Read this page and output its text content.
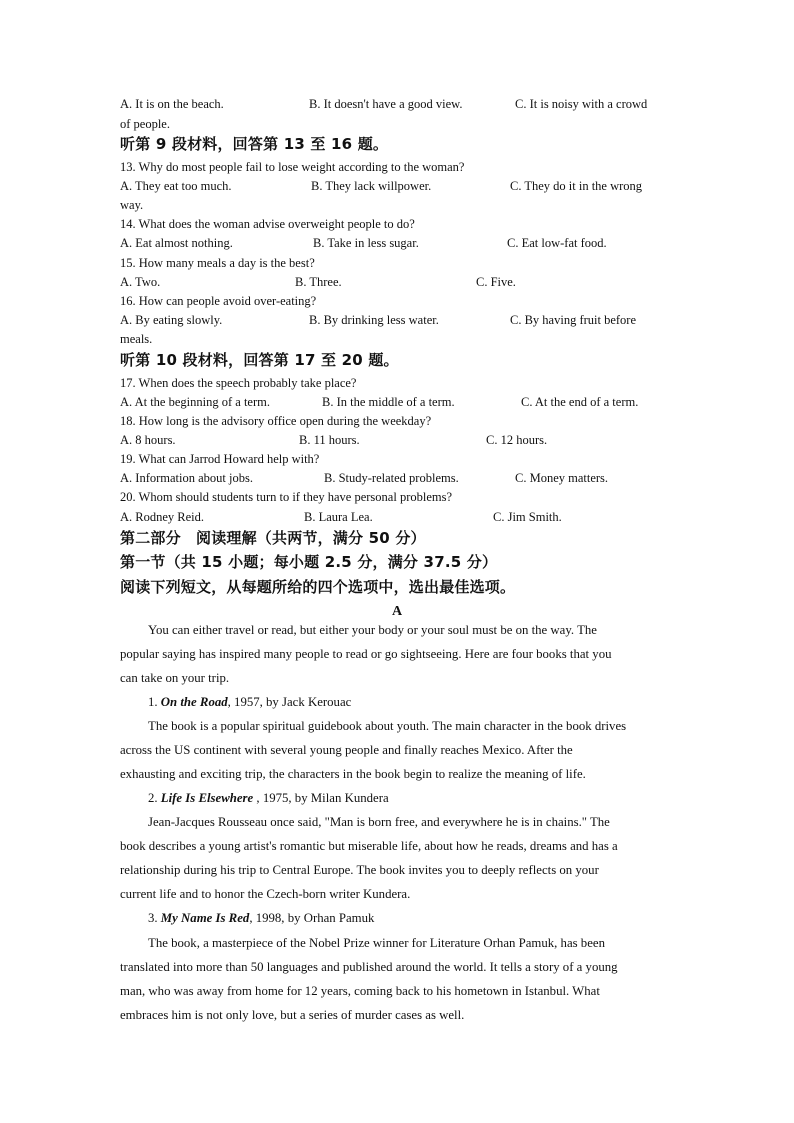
A. It is on the beach.	B. It doesn't have a good view.	C. It is noisy with a crowd
of people.
听第 9 段材料，回答第 13 至 16 题。
13. Why do most people fail to lose weight according to the woman?
A. They eat too much.	B. They lack willpower.	C. They do it in the wrong
way.
14. What does the woman advise overweight people to do?
A. Eat almost nothing.	B. Take in less sugar.	C. Eat low-fat food.
15. How many meals a day is the best?
A. Two.	B. Three.	C. Five.
16. How can people avoid over-eating?
A. By eating slowly.	B. By drinking less water.	C. By having fruit before
meals.
听第 10 段材料，回答第 17 至 20 题。
17. When does the speech probably take place?
A. At the beginning of a term.	B. In the middle of a term.	C. At the end of a term.
18. How long is the advisory office open during the weekday?
A. 8 hours.	B. 11 hours.	C. 12 hours.
19. What can Jarrod Howard help with?
A. Information about jobs.	B. Study-related problems.	C. Money matters.
20. Whom should students turn to if they have personal problems?
A. Rodney Reid.	B. Laura Lea.	C. Jim Smith.
第二部分　阅读理解（共两节，满分 50 分）
第一节（共 15 小题；每小题 2.5 分，满分 37.5 分）
阅读下列短文，从每题所给的四个选项中，选出最佳选项。
A
You can either travel or read, but either your body or your soul must be on the way. The
popular saying has inspired many people to read or go sightseeing. Here are four books that you
can take on your trip.
1. On the Road, 1957, by Jack Kerouac
The book is a popular spiritual guidebook about youth. The main character in the book drives
across the US continent with several young people and finally reaches Mexico. After the
exhausting and exciting trip, the characters in the book begin to realize the meaning of life.
2. Life Is Elsewhere , 1975, by Milan Kundera
Jean-Jacques Rousseau once said, "Man is born free, and everywhere he is in chains." The
book describes a young artist's romantic but miserable life, about how he reads, dreams and has a
relationship during his trip to Central Europe. The book invites you to deeply reflects on your
current life and to honor the Czech-born writer Kundera.
3. My Name Is Red, 1998, by Orhan Pamuk
The book, a masterpiece of the Nobel Prize winner for Literature Orhan Pamuk, has been
translated into more than 50 languages and published around the world. It tells a story of a young
man, who was away from home for 12 years, coming back to his hometown in Istanbul. What
embraces him is not only love, but a series of murder cases as well.
